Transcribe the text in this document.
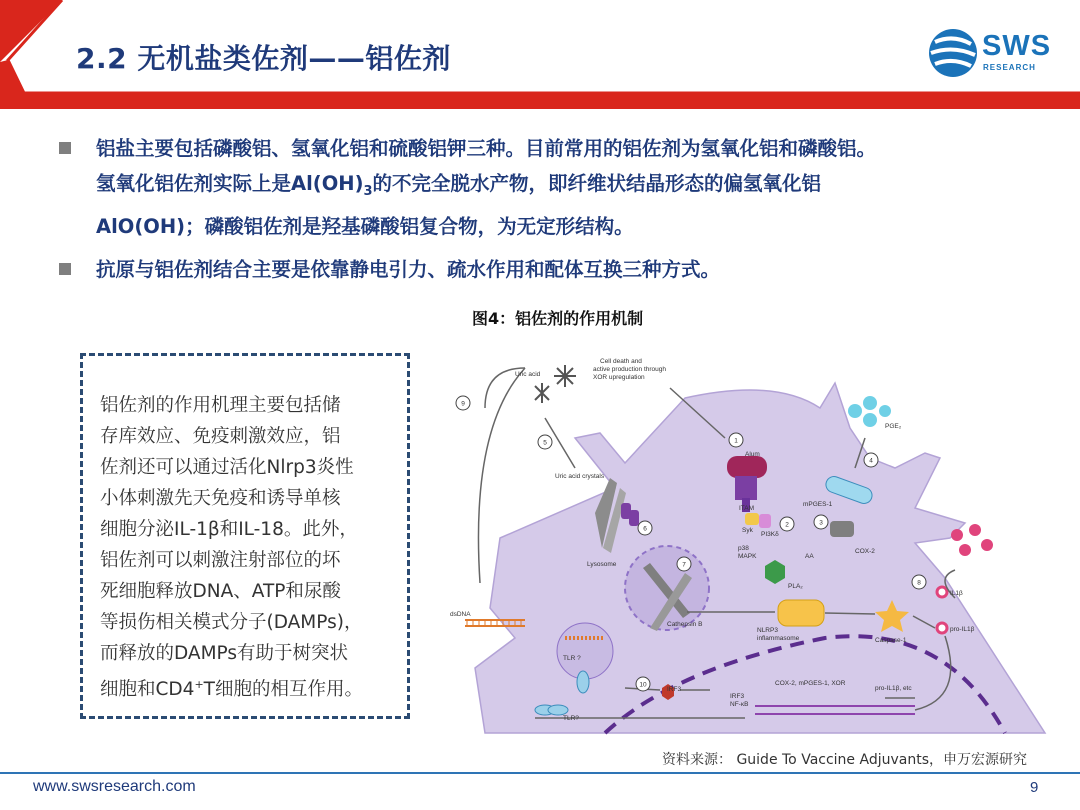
2.2 无机盐类佐剂——铝佐剂	SWS
RESEARCH
铝盐主要包括磷酸铝、氢氧化铝和硫酸铝钾三种。目前常用的铝佐剂为氢氧化铝和磷酸铝。
氢氧化铝佐剂实际上是$Al(OH)_3$的不完全脱水产物，即纤维状结晶形态的偏氢氧化铝
AlO(OH)；磷酸铝佐剂是羟基磷酸铝复合物，为无定形结构。
抗原与铝佐剂结合主要是依靠静电引力、疏水作用和配体互换三种方式。
图4：铝佐剂的作用机制
铝佐剂的作用机理主要包括储
存库效应、免疫刺激效应，铝
佐剂还可以通过活化Nlrp3炎性
小体刺激先天免疫和诱导单核
细胞分泌IL-1β和IL-18。此外，
铝佐剂可以刺激注射部位的坏
死细胞释放DNA、ATP和尿酸
等损伤相关模式分子(DAMPs)，
而释放的DAMPs有助于树突状
细胞和CD4+T细胞的相互作用。
1
2	3
4
5
6
7
8
9
10
Uric acid
Cell death and
active production through
XOR upregulation
Uric acid crystals
Alum
ITAM
Syk
PI3Kδ
p38
MAPK	AA
PLA₂
mPGES-1
COX-2
PGE₂
Lysosome
Cathepsin B
NLRP3
inflammasome	Caspase-1
IL1β
pro-IL1β
dsDNA
TLR ?
TLR?
IRF3
IRF3
NF-κB
COX-2, mPGES-1, XOR
pro-IL1β, etc
资料来源： Guide To Vaccine Adjuvants，申万宏源研究
www.swsresearch.com	9
